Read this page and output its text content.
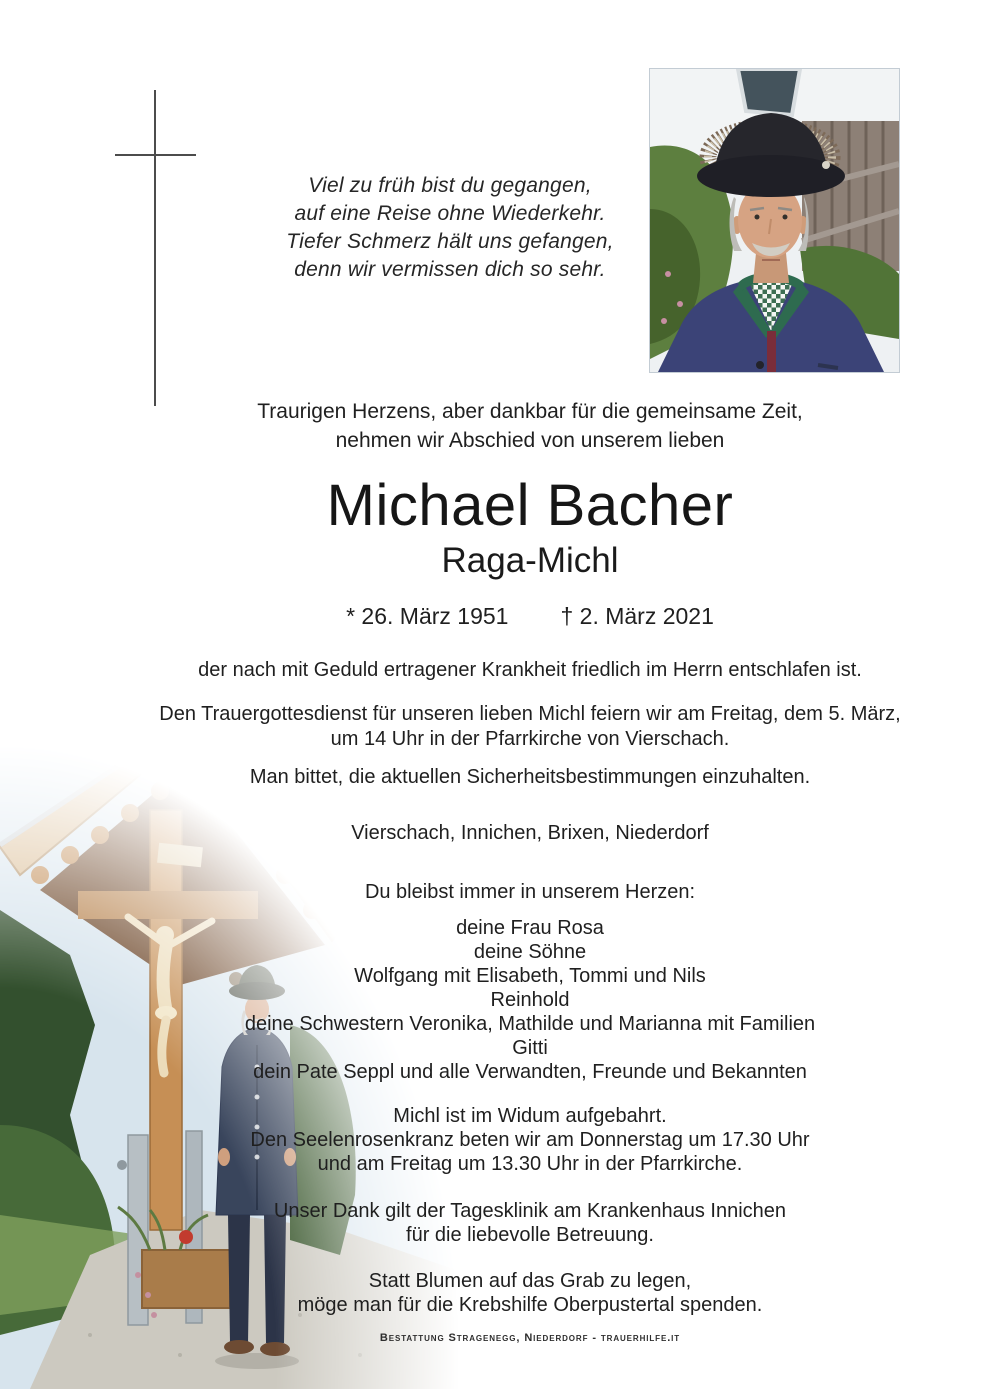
Viel zu früh bist du gegangen,
auf eine Reise ohne Wiederkehr.
Tiefer Schmerz hält uns gefangen,
denn wir vermissen dich so sehr.
Traurigen Herzens, aber dankbar für die gemeinsame Zeit,
nehmen wir Abschied von unserem lieben
Michael Bacher
Raga-Michl
* 26. März 1951 † 2. März 2021
der nach mit Geduld ertragener Krankheit friedlich im Herrn entschlafen ist.
Den Trauergottesdienst für unseren lieben Michl feiern wir am Freitag, dem 5. März,
um 14 Uhr in der Pfarrkirche von Vierschach.
Man bittet, die aktuellen Sicherheitsbestimmungen einzuhalten.
Vierschach, Innichen, Brixen, Niederdorf
Du bleibst immer in unserem Herzen:
deine Frau Rosa
deine Söhne
Wolfgang mit Elisabeth, Tommi und Nils
Reinhold
deine Schwestern Veronika, Mathilde und Marianna mit Familien
Gitti
dein Pate Seppl und alle Verwandten, Freunde und Bekannten
Michl ist im Widum aufgebahrt.
Den Seelenrosenkranz beten wir am Donnerstag um 17.30 Uhr
und am Freitag um 13.30 Uhr in der Pfarrkirche.
Unser Dank gilt der Tagesklinik am Krankenhaus Innichen
für die liebevolle Betreuung.
Statt Blumen auf das Grab zu legen,
möge man für die Krebshilfe Oberpustertal spenden.
Bestattung Stragenegg, Niederdorf - trauerhilfe.it
